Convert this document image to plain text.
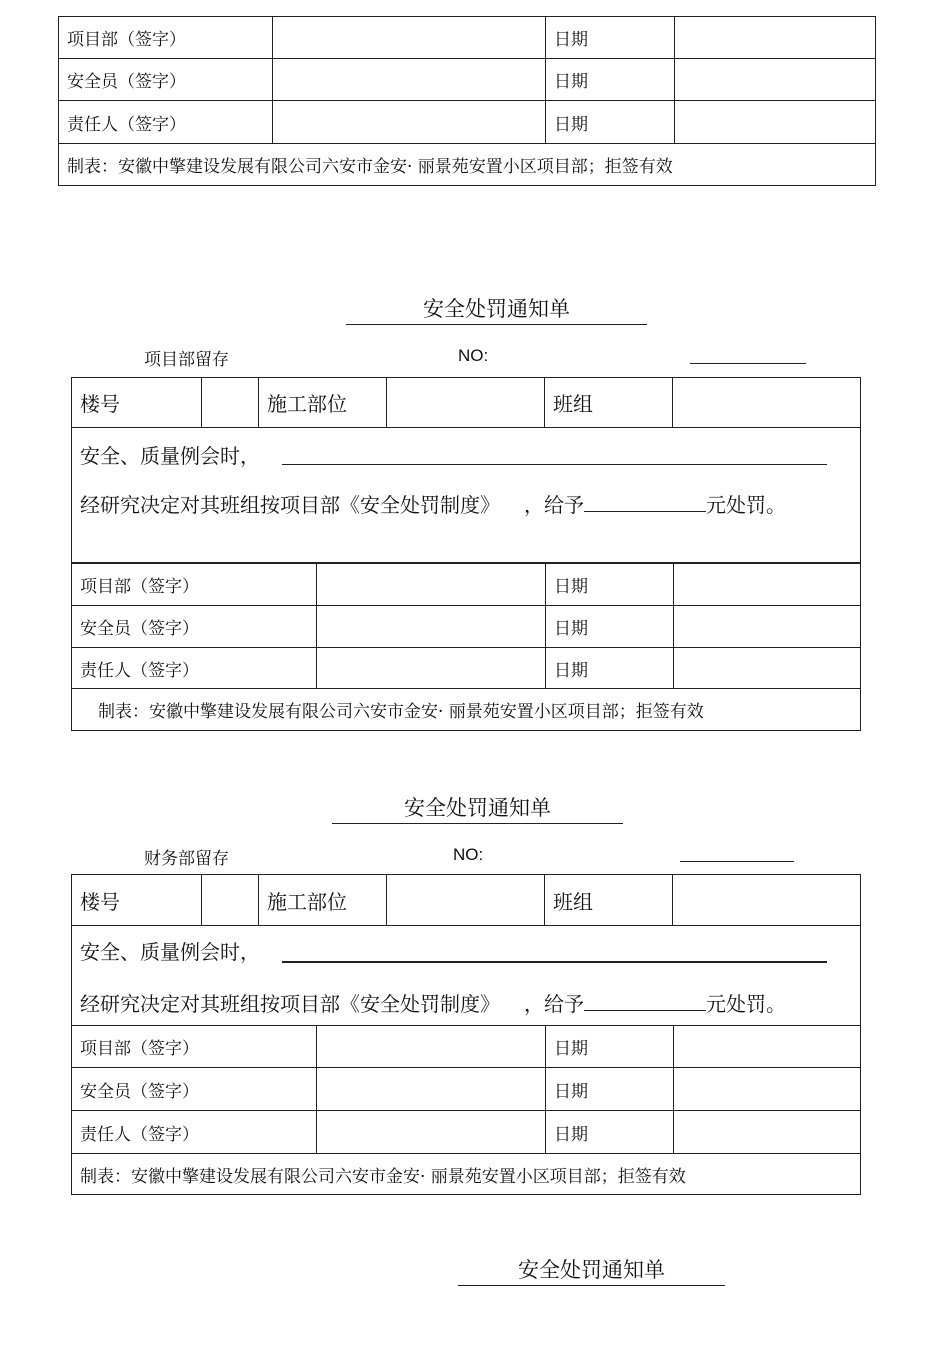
项目部（签字）		日期	
安全员（签字）		日期	
责任人（签字）		日期	
制表：安徽中擎建设发展有限公司六安市金安· 丽景苑安置小区项目部；拒签有效			
安全处罚通知单
项目部留存	NO:
楼号		施工部位		班组	

安全、质量例会时，
经研究决定对其班组按项目部《安全处罚制度》 ，给予	元处罚。
项目部（签字）		日期	
安全员（签字）		日期	
责任人（签字）		日期	
制表：安徽中擎建设发展有限公司六安市金安· 丽景苑安置小区项目部；拒签有效			
安全处罚通知单
财务部留存	NO:
楼号		施工部位		班组	

安全、质量例会时，
经研究决定对其班组按项目部《安全处罚制度》 ，给予	元处罚。
项目部（签字）		日期	
安全员（签字）		日期	
责任人（签字）		日期	
制表：安徽中擎建设发展有限公司六安市金安· 丽景苑安置小区项目部；拒签有效			
安全处罚通知单
